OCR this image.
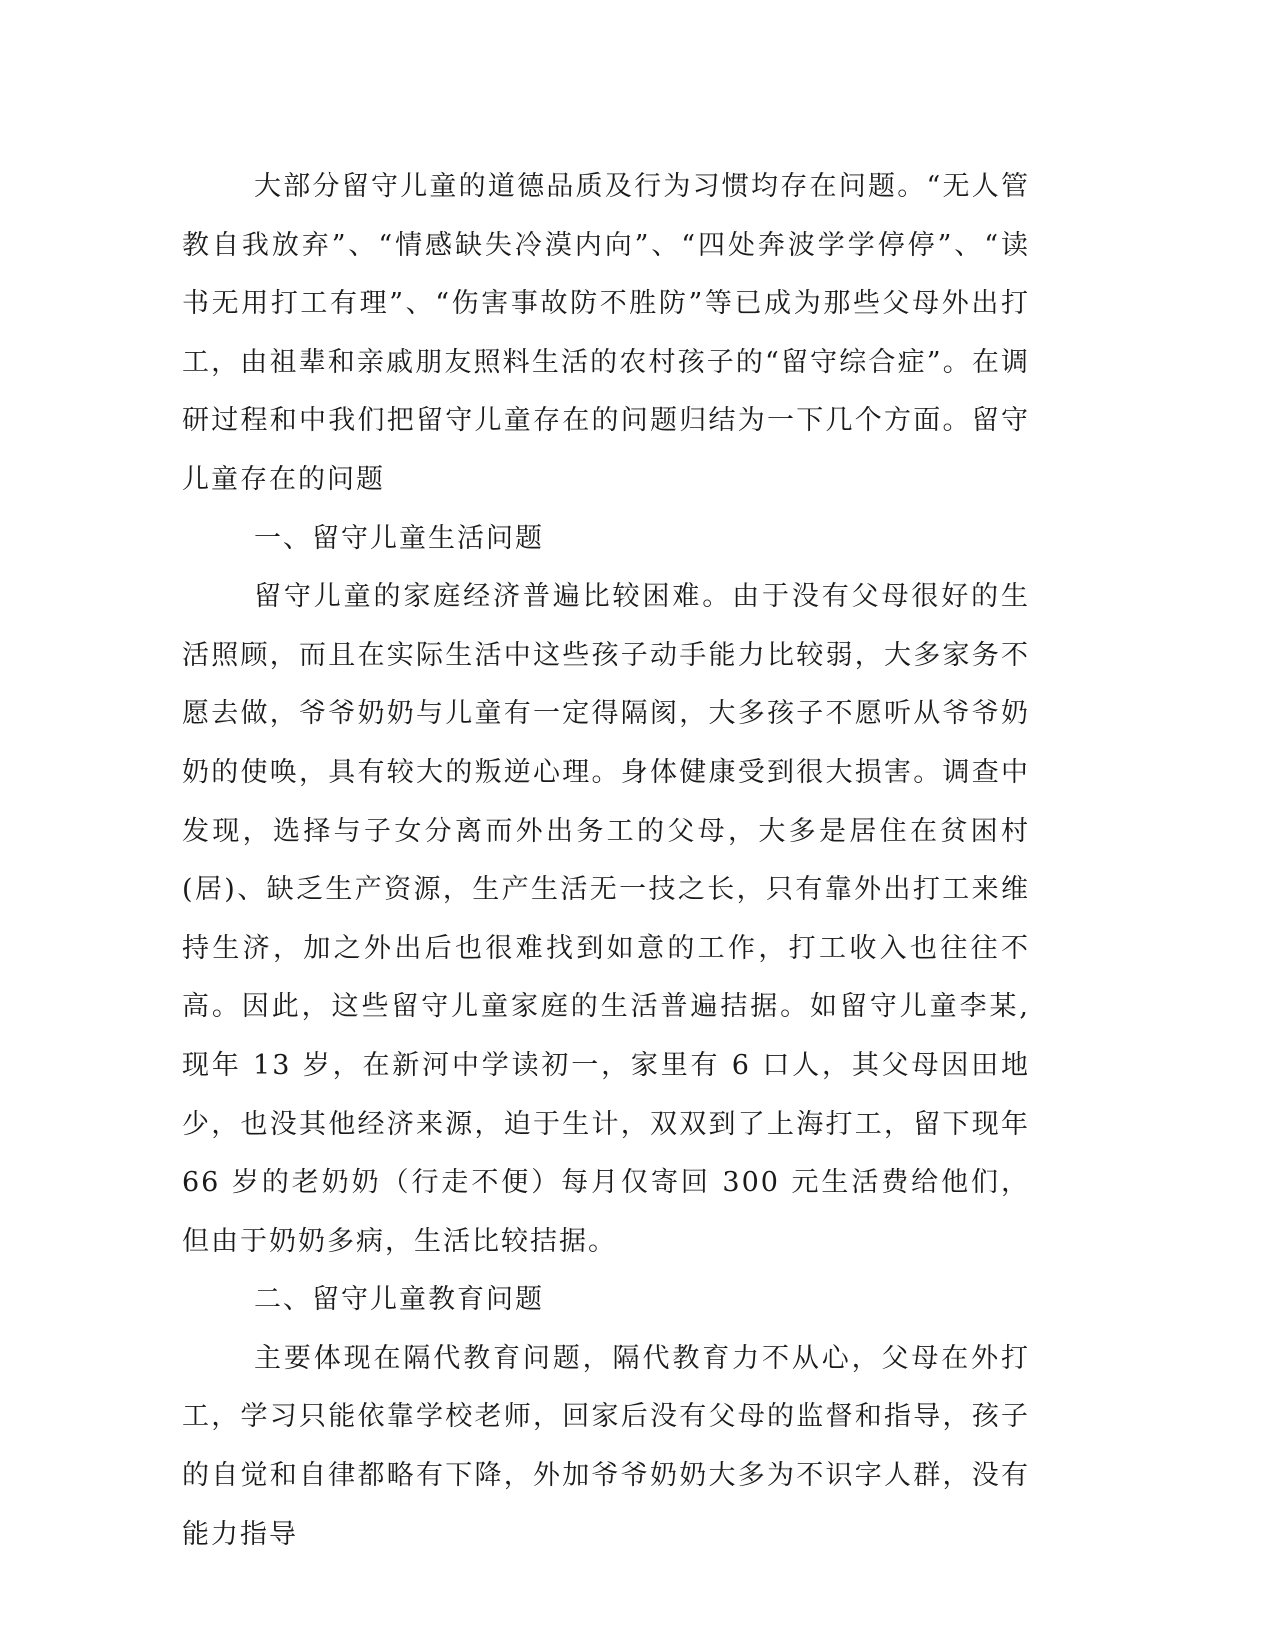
大部分留守儿童的道德品质及行为习惯均存在问题。“无人管教自我放弃”、“情感缺失冷漠内向”、“四处奔波学学停停”、“读书无用打工有理”、“伤害事故防不胜防”等已成为那些父母外出打工，由祖辈和亲戚朋友照料生活的农村孩子的“留守综合症”。在调研过程和中我们把留守儿童存在的问题归结为一下几个方面。留守儿童存在的问题

一、留守儿童生活问题

留守儿童的家庭经济普遍比较困难。由于没有父母很好的生活照顾，而且在实际生活中这些孩子动手能力比较弱，大多家务不愿去做，爷爷奶奶与儿童有一定得隔阂，大多孩子不愿听从爷爷奶奶的使唤，具有较大的叛逆心理。身体健康受到很大损害。调查中发现，选择与子女分离而外出务工的父母，大多是居住在贫困村(居)、缺乏生产资源，生产生活无一技之长，只有靠外出打工来维持生济，加之外出后也很难找到如意的工作，打工收入也往往不高。因此，这些留守儿童家庭的生活普遍拮据。如留守儿童李某,现年 13 岁，在新河中学读初一，家里有 6 口人，其父母因田地少，也没其他经济来源，迫于生计，双双到了上海打工，留下现年 66 岁的老奶奶（行走不便）每月仅寄回 300 元生活费给他们，但由于奶奶多病，生活比较拮据。

二、留守儿童教育问题

主要体现在隔代教育问题，隔代教育力不从心，父母在外打工，学习只能依靠学校老师，回家后没有父母的监督和指导，孩子的自觉和自律都略有下降，外加爷爷奶奶大多为不识字人群，没有能力指导
